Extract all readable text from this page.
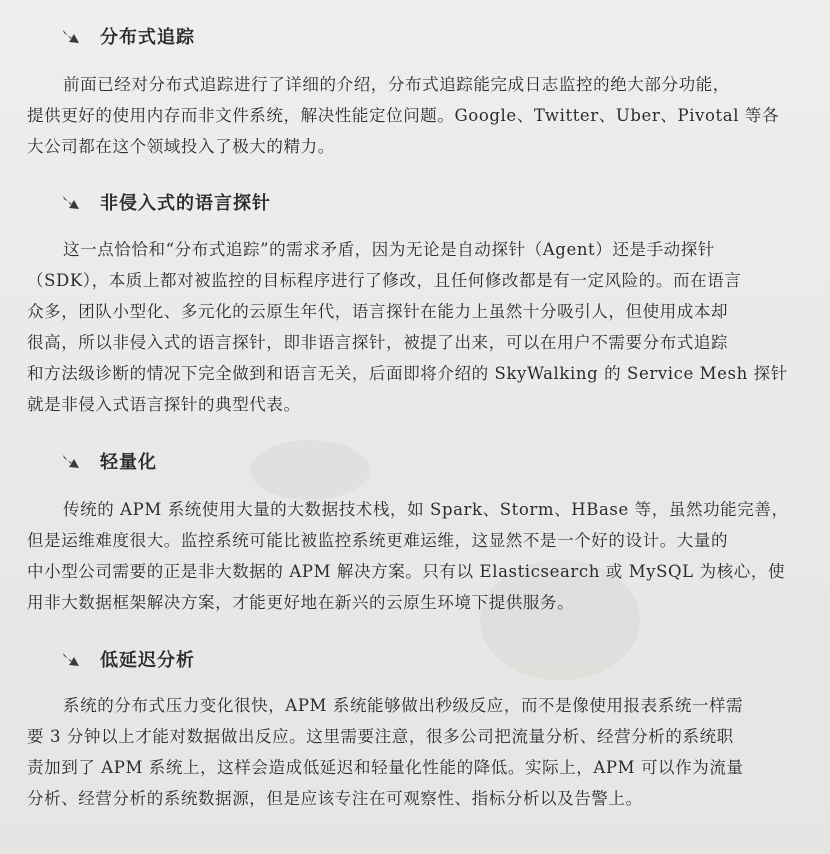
分布式追踪
前面已经对分布式追踪进行了详细的介绍，分布式追踪能完成日志监控的绝大部分功能，
提供更好的使用内存而非文件系统，解决性能定位问题。Google、Twitter、Uber、Pivotal 等各
大公司都在这个领域投入了极大的精力。
非侵入式的语言探针
这一点恰恰和“分布式追踪”的需求矛盾，因为无论是自动探针（Agent）还是手动探针
（SDK），本质上都对被监控的目标程序进行了修改，且任何修改都是有一定风险的。而在语言
众多，团队小型化、多元化的云原生年代，语言探针在能力上虽然十分吸引人，但使用成本却
很高，所以非侵入式的语言探针，即非语言探针，被提了出来，可以在用户不需要分布式追踪
和方法级诊断的情况下完全做到和语言无关，后面即将介绍的 SkyWalking 的 Service Mesh 探针
就是非侵入式语言探针的典型代表。
轻量化
传统的 APM 系统使用大量的大数据技术栈，如 Spark、Storm、HBase 等，虽然功能完善，
但是运维难度很大。监控系统可能比被监控系统更难运维，这显然不是一个好的设计。大量的
中小型公司需要的正是非大数据的 APM 解决方案。只有以 Elasticsearch 或 MySQL 为核心，使
用非大数据框架解决方案，才能更好地在新兴的云原生环境下提供服务。
低延迟分析
系统的分布式压力变化很快，APM 系统能够做出秒级反应，而不是像使用报表系统一样需
要 3 分钟以上才能对数据做出反应。这里需要注意，很多公司把流量分析、经营分析的系统职
责加到了 APM 系统上，这样会造成低延迟和轻量化性能的降低。实际上，APM 可以作为流量
分析、经营分析的系统数据源，但是应该专注在可观察性、指标分析以及告警上。
